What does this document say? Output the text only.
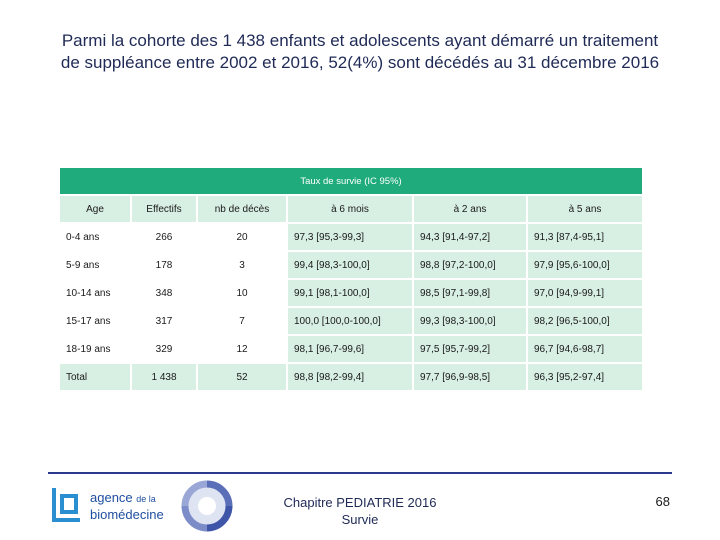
Parmi la cohorte des 1 438 enfants et adolescents ayant démarré un traitement
de suppléance entre 2002 et 2016, 52(4%) sont décédés au 31 décembre 2016
Taux de survie (IC 95%)					
Age	Effectifs	nb de décès	à 6 mois	à 2 ans	à 5 ans
0-4 ans	266	20	97,3 [95,3-99,3]	94,3 [91,4-97,2]	91,3 [87,4-95,1]
5-9 ans	178	3	99,4 [98,3-100,0]	98,8 [97,2-100,0]	97,9 [95,6-100,0]
10-14 ans	348	10	99,1 [98,1-100,0]	98,5 [97,1-99,8]	97,0 [94,9-99,1]
15-17 ans	317	7	100,0 [100,0-100,0]	99,3 [98,3-100,0]	98,2 [96,5-100,0]
18-19 ans	329	12	98,1 [96,7-99,6]	97,5 [95,7-99,2]	96,7 [94,6-98,7]
Total	1 438	52	98,8 [98,2-99,4]	97,7 [96,9-98,5]	96,3 [95,2-97,4]
agence de la
biomédecine
Chapitre PEDIATRIE 2016
Survie
68
